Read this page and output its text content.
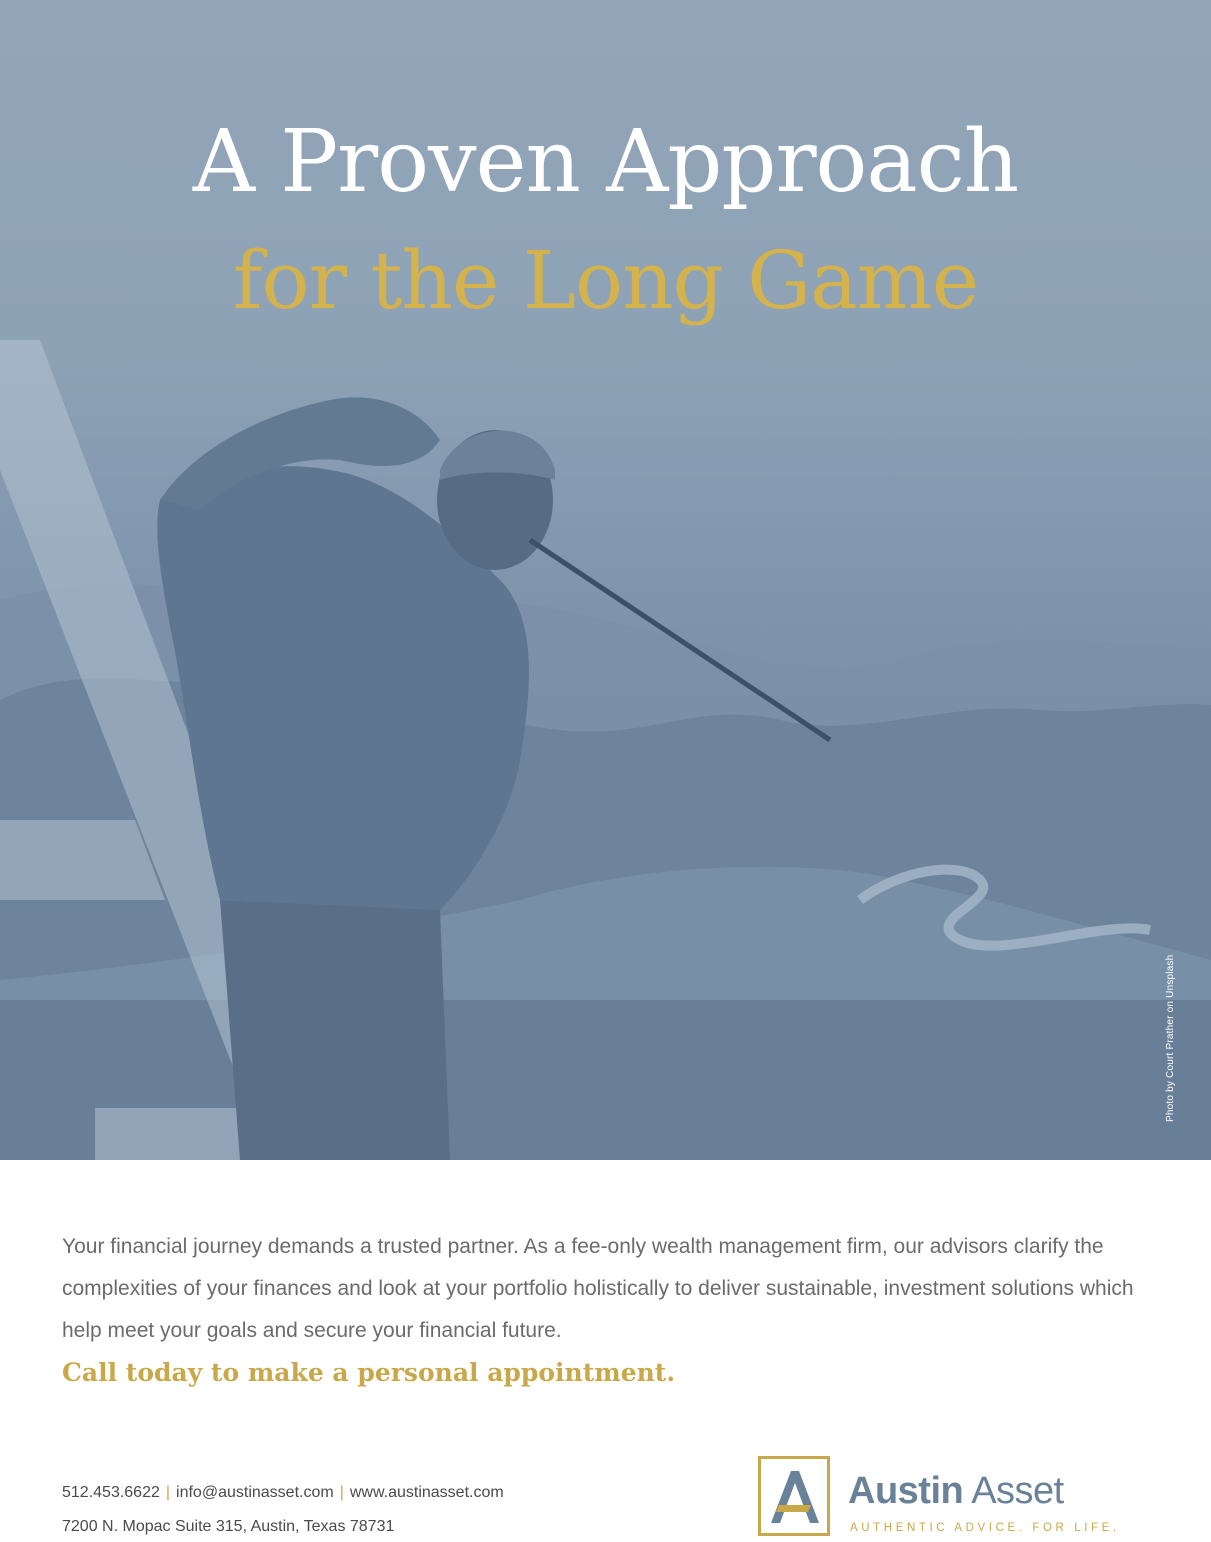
A Proven Approach
for the Long Game
Photo by Court Prather on Unsplash

Your financial journey demands a trusted partner. As a fee-only wealth management firm, our advisors clarify the complexities of your finances and look at your portfolio holistically to deliver sustainable, investment solutions which help meet your goals and secure your financial future.

Call today to make a personal appointment.

512.453.6622 | info@austinasset.com | www.austinasset.com
7200 N. Mopac Suite 315, Austin, Texas 78731
Austin Asset
AUTHENTIC ADVICE. FOR LIFE.
